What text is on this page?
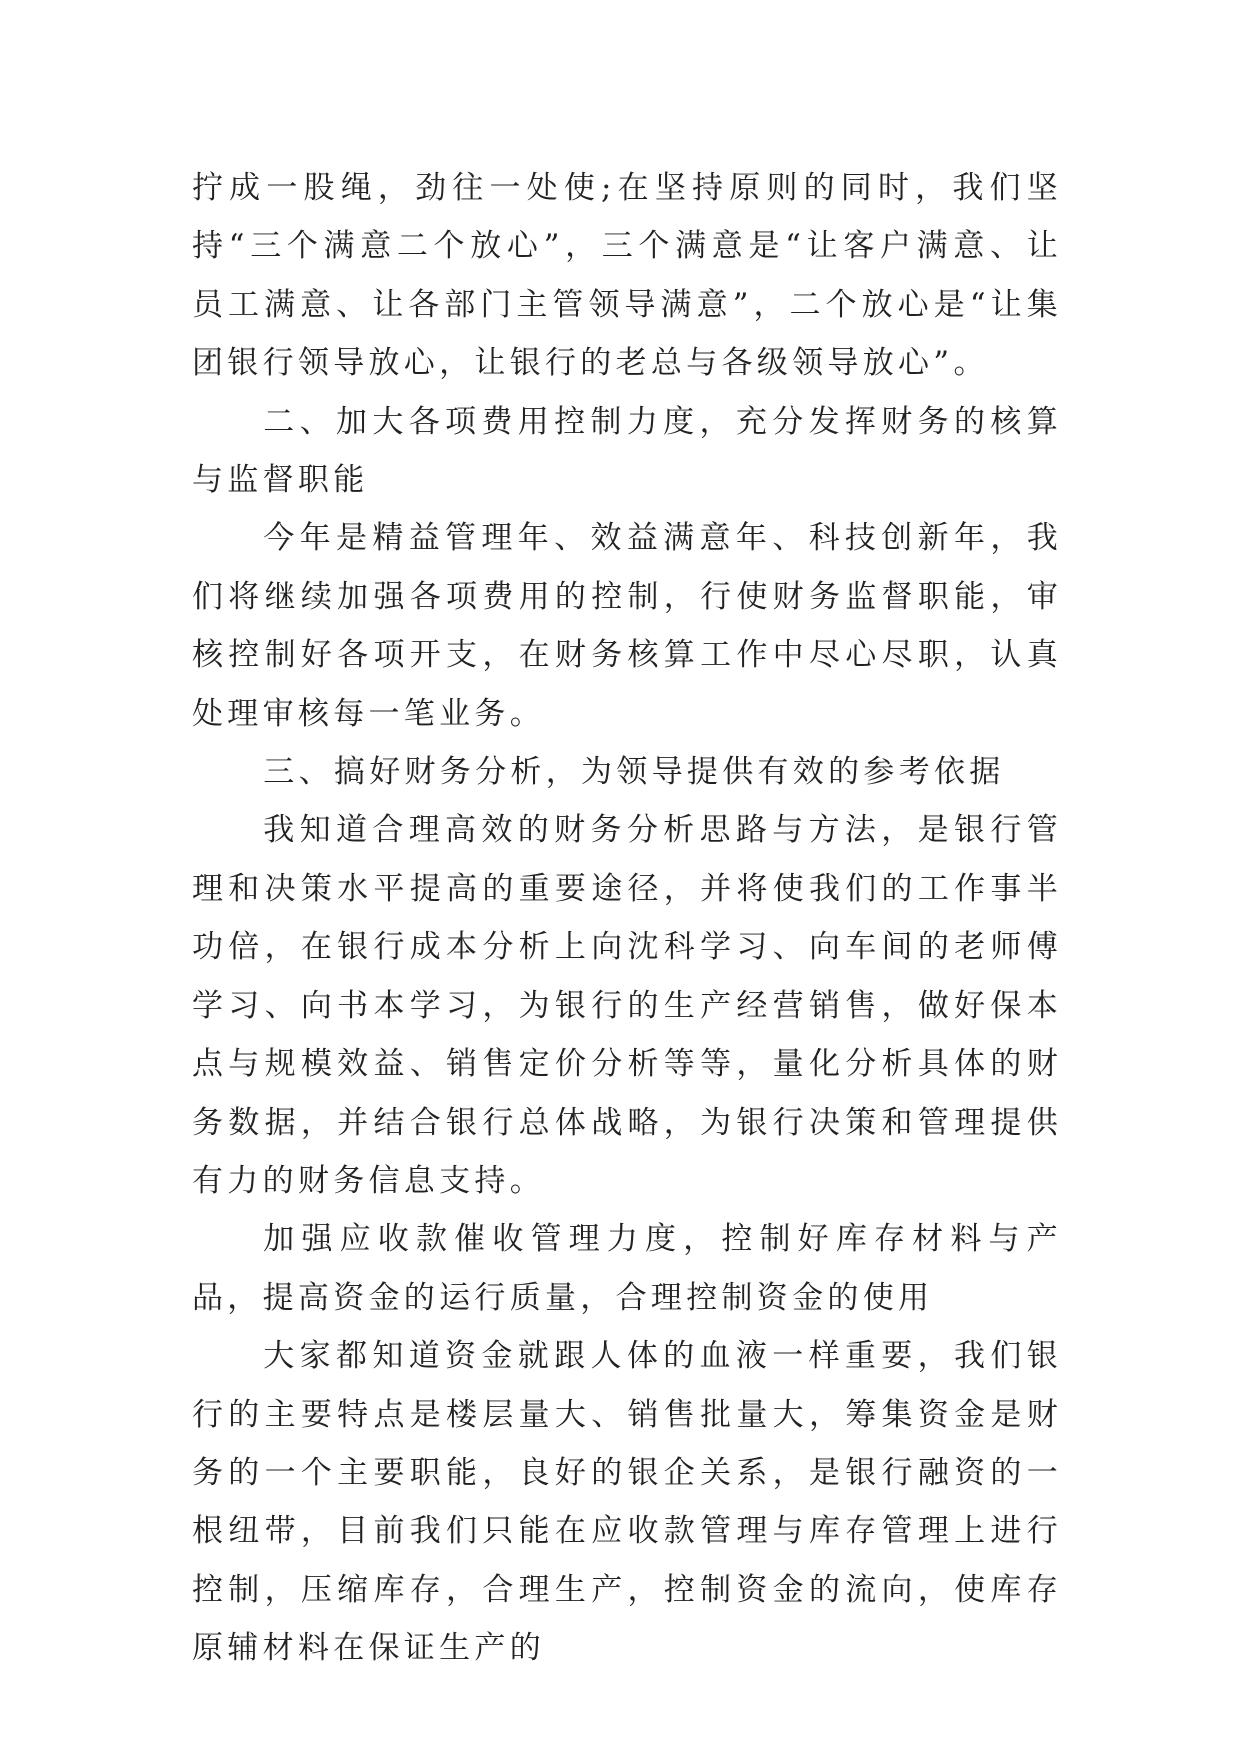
拧成一股绳，劲往一处使;在坚持原则的同时，我们坚持“三个满意二个放心”，三个满意是“让客户满意、让员工满意、让各部门主管领导满意”，二个放心是“让集团银行领导放心，让银行的老总与各级领导放心”。

二、加大各项费用控制力度，充分发挥财务的核算与监督职能

今年是精益管理年、效益满意年、科技创新年，我们将继续加强各项费用的控制，行使财务监督职能，审核控制好各项开支，在财务核算工作中尽心尽职，认真处理审核每一笔业务。

三、搞好财务分析，为领导提供有效的参考依据

我知道合理高效的财务分析思路与方法，是银行管理和决策水平提高的重要途径，并将使我们的工作事半功倍，在银行成本分析上向沈科学习、向车间的老师傅学习、向书本学习，为银行的生产经营销售，做好保本点与规模效益、销售定价分析等等，量化分析具体的财务数据，并结合银行总体战略，为银行决策和管理提供有力的财务信息支持。

加强应收款催收管理力度，控制好库存材料与产品，提高资金的运行质量，合理控制资金的使用

大家都知道资金就跟人体的血液一样重要，我们银行的主要特点是楼层量大、销售批量大，筹集资金是财务的一个主要职能，良好的银企关系，是银行融资的一根纽带，目前我们只能在应收款管理与库存管理上进行控制，压缩库存，合理生产，控制资金的流向，使库存原辅材料在保证生产的
